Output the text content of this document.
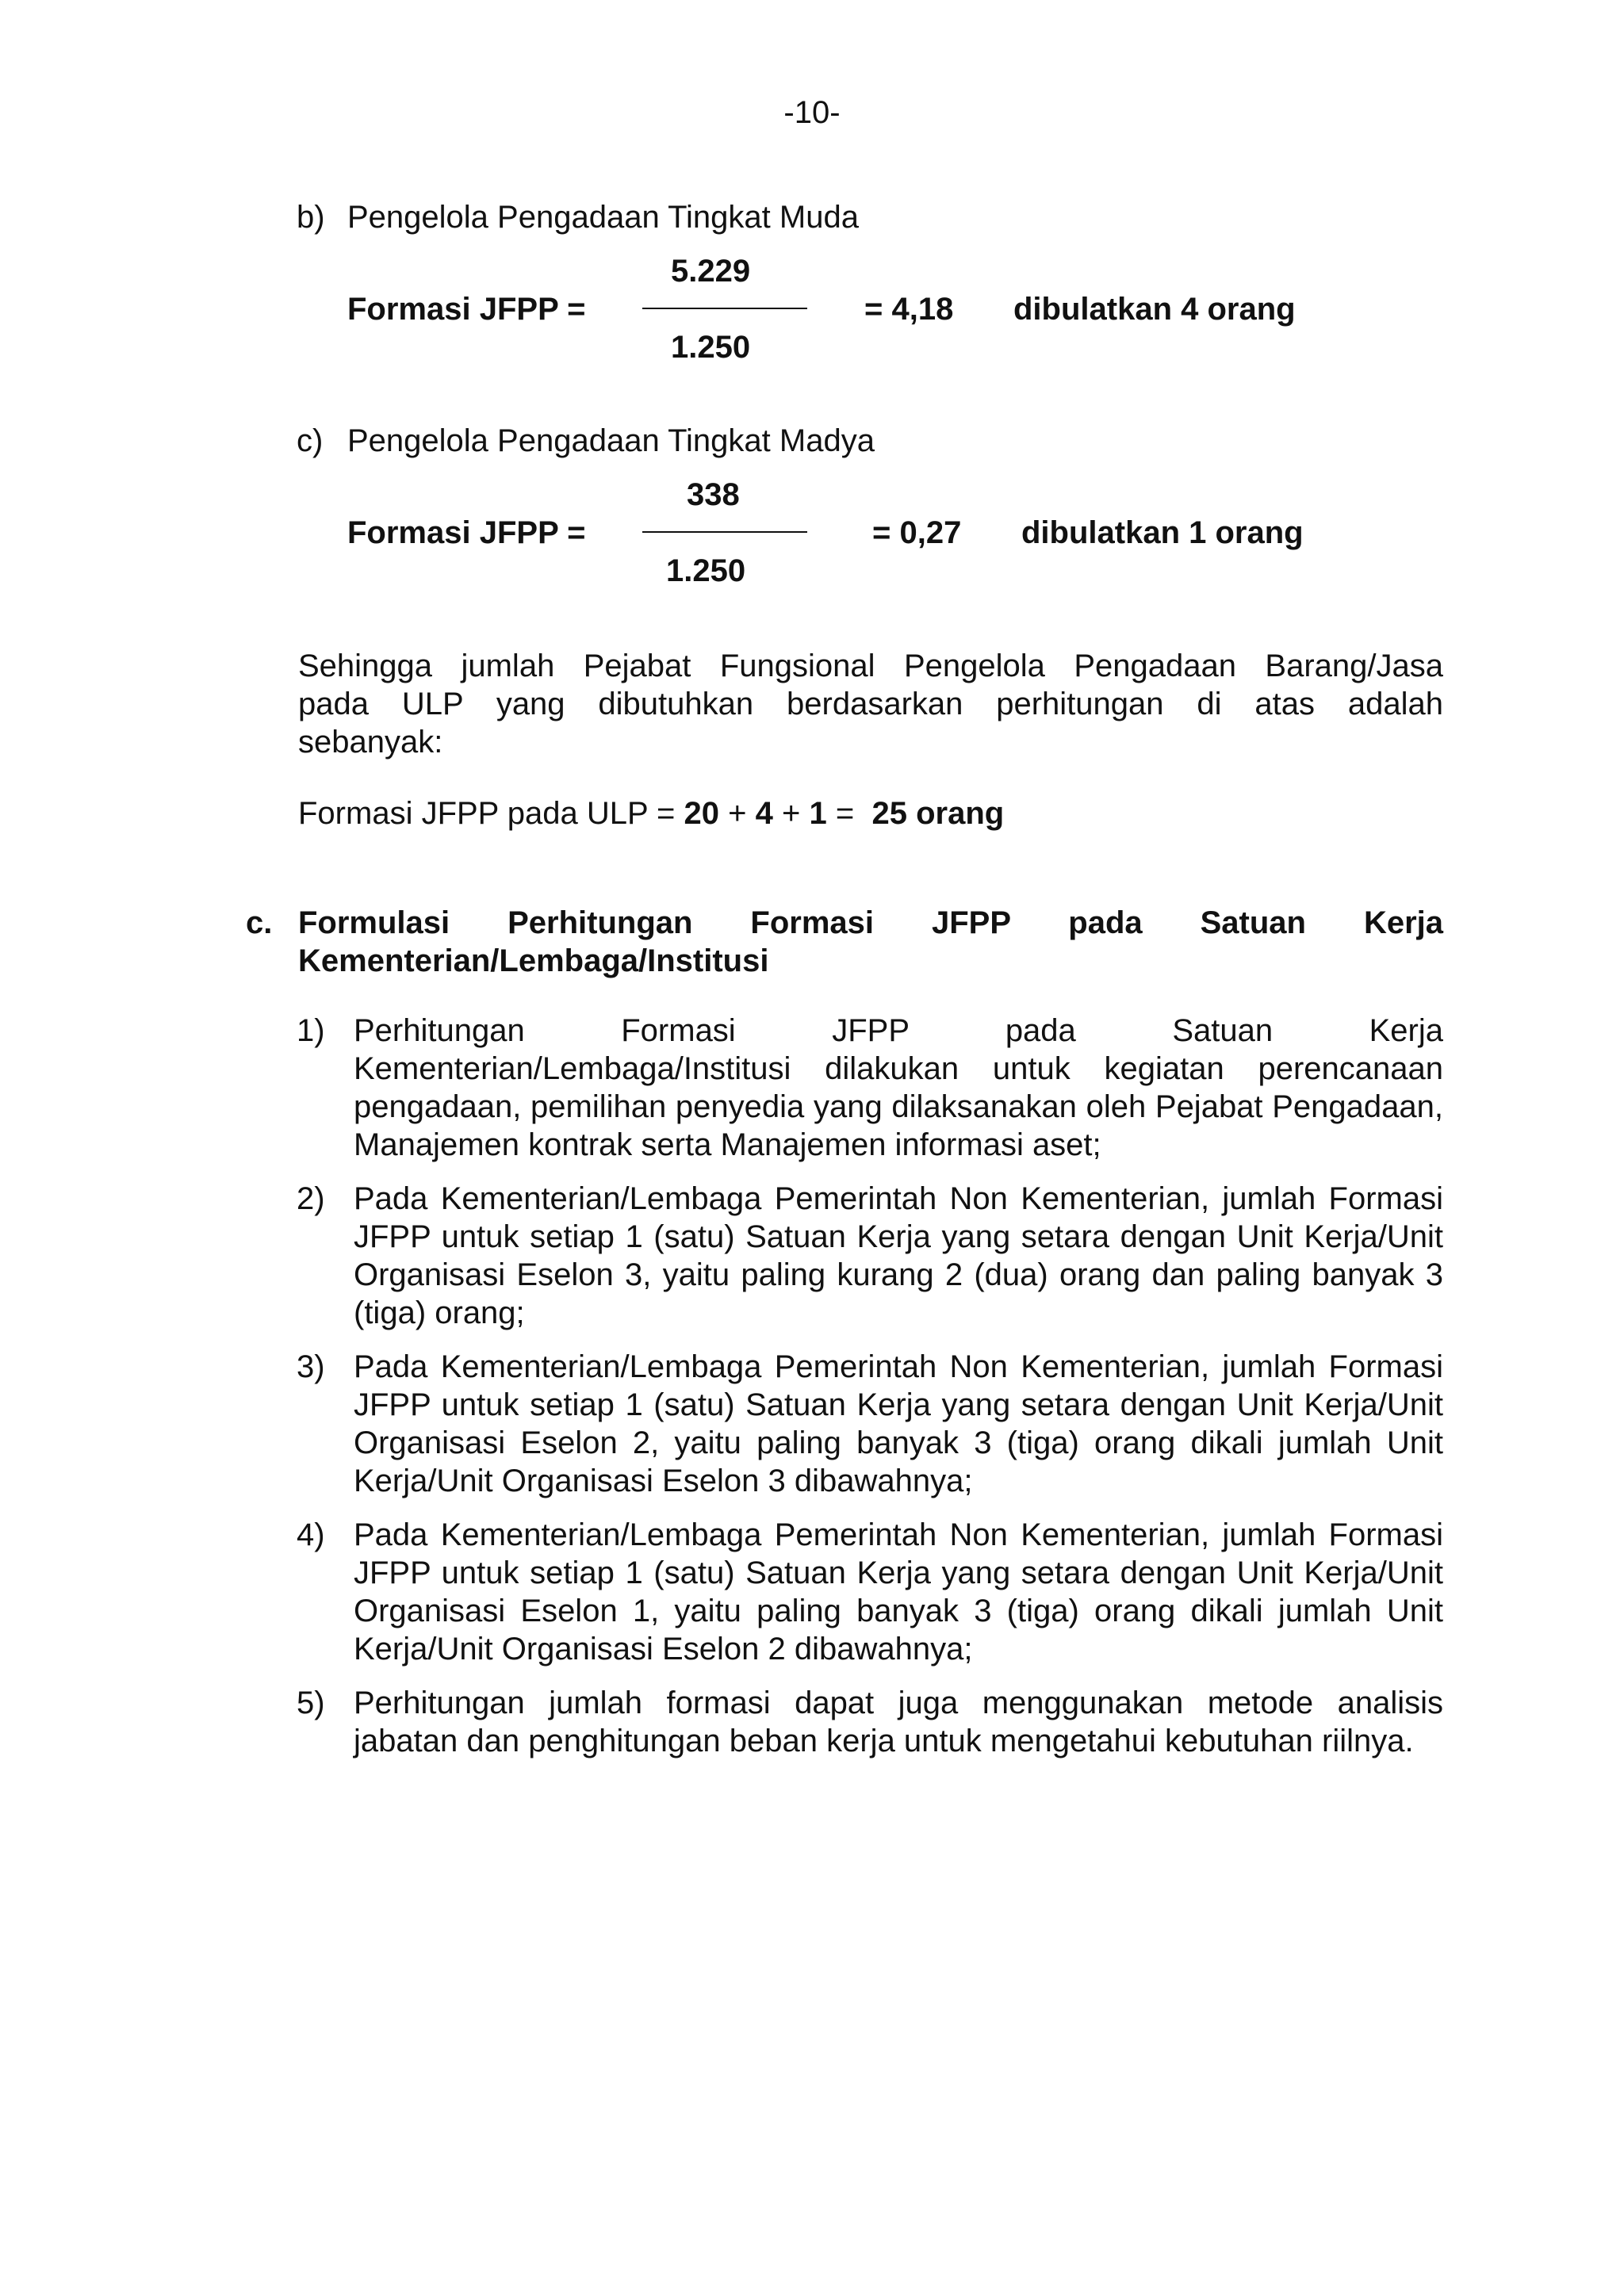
-10-
b) Pengelola Pengadaan Tingkat Muda
5.229
Formasi JFPP =	= 4,18 dibulatkan 4 orang
1.250
c) Pengelola Pengadaan Tingkat Madya
338
Formasi JFPP =	= 0,27 dibulatkan 1 orang
1.250
Sehingga jumlah Pejabat Fungsional Pengelola Pengadaan Barang/Jasa
pada ULP yang dibutuhkan berdasarkan perhitungan di atas adalah
sebanyak:
Formasi JFPP pada ULP = 20 + 4 + 1 = 25 orang
c. Formulasi Perhitungan Formasi JFPP pada Satuan Kerja
Kementerian/Lembaga/Institusi
1) Perhitungan Formasi JFPP pada Satuan Kerja
Kementerian/Lembaga/Institusi dilakukan untuk kegiatan perencanaan pengadaan, pemilihan penyedia yang dilaksanakan oleh Pejabat Pengadaan, Manajemen kontrak serta Manajemen informasi aset;
2) Pada Kementerian/Lembaga Pemerintah Non Kementerian, jumlah Formasi JFPP untuk setiap 1 (satu) Satuan Kerja yang setara dengan Unit Kerja/Unit Organisasi Eselon 3, yaitu paling kurang 2 (dua) orang dan paling banyak 3 (tiga) orang;
3) Pada Kementerian/Lembaga Pemerintah Non Kementerian, jumlah Formasi JFPP untuk setiap 1 (satu) Satuan Kerja yang setara dengan Unit Kerja/Unit Organisasi Eselon 2, yaitu paling banyak 3 (tiga) orang dikali jumlah Unit Kerja/Unit Organisasi Eselon 3 dibawahnya;
4) Pada Kementerian/Lembaga Pemerintah Non Kementerian, jumlah Formasi JFPP untuk setiap 1 (satu) Satuan Kerja yang setara dengan Unit Kerja/Unit Organisasi Eselon 1, yaitu paling banyak 3 (tiga) orang dikali jumlah Unit Kerja/Unit Organisasi Eselon 2 dibawahnya;
5) Perhitungan jumlah formasi dapat juga menggunakan metode analisis jabatan dan penghitungan beban kerja untuk mengetahui kebutuhan riilnya.
